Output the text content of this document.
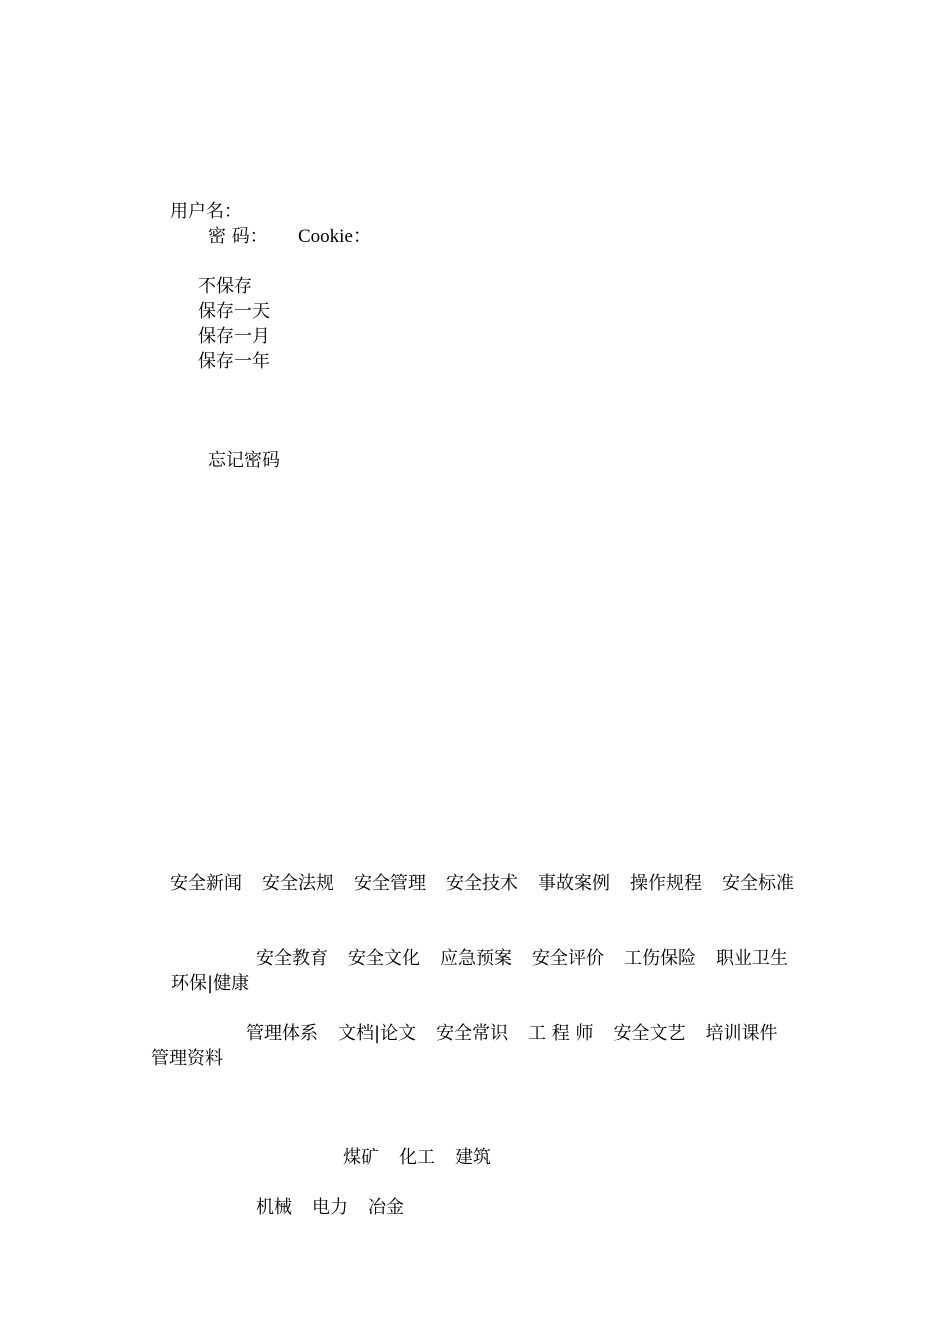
用户名：
密 码： Cookie：
不保存
保存一天
保存一月
保存一年
忘记密码
安全新闻 安全法规 安全管理 安全技术 事故案例 操作规程 安全标准
安全教育 安全文化 应急预案 安全评价 工伤保险 职业卫生环保|健康
管理体系 文档|论文 安全常识 工 程 师 安全文艺 培训课件管理资料
煤矿 化工 建筑
机械 电力 冶金
